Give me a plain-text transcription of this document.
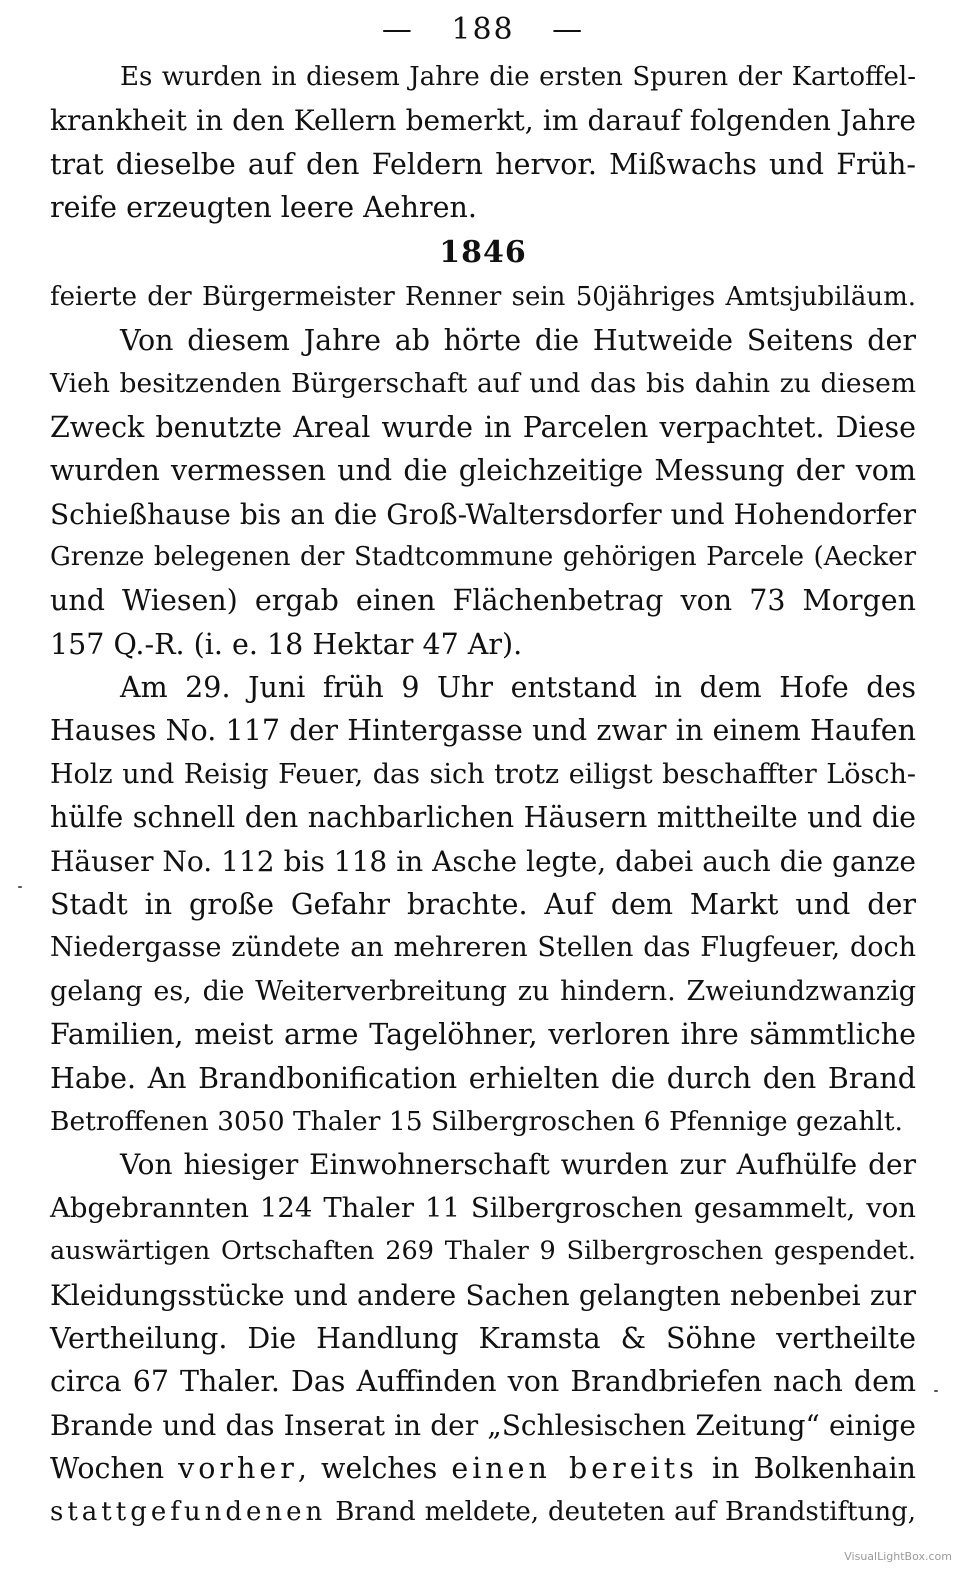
— 188 —
Es wurden in diesem Jahre die ersten Spuren der Kartoffel-
krankheit in den Kellern bemerkt, im darauf folgenden Jahre
trat dieselbe auf den Feldern hervor. Mißwachs und Früh-
reife erzeugten leere Aehren.
1846
feierte der Bürgermeister Renner sein 50jähriges Amtsjubiläum.
Von diesem Jahre ab hörte die Hutweide Seitens der
Vieh besitzenden Bürgerschaft auf und das bis dahin zu diesem
Zweck benutzte Areal wurde in Parcelen verpachtet. Diese
wurden vermessen und die gleichzeitige Messung der vom
Schießhause bis an die Groß-Waltersdorfer und Hohendorfer
Grenze belegenen der Stadtcommune gehörigen Parcele (Aecker
und Wiesen) ergab einen Flächenbetrag von 73 Morgen
157 Q.-R. (i. e. 18 Hektar 47 Ar).
Am 29. Juni früh 9 Uhr entstand in dem Hofe des
Hauses No. 117 der Hintergasse und zwar in einem Haufen
Holz und Reisig Feuer, das sich trotz eiligst beschaffter Lösch-
hülfe schnell den nachbarlichen Häusern mittheilte und die
Häuser No. 112 bis 118 in Asche legte, dabei auch die ganze
Stadt in große Gefahr brachte. Auf dem Markt und der
Niedergasse zündete an mehreren Stellen das Flugfeuer, doch
gelang es, die Weiterverbreitung zu hindern. Zweiundzwanzig
Familien, meist arme Tagelöhner, verloren ihre sämmtliche
Habe. An Brandbonification erhielten die durch den Brand
Betroffenen 3050 Thaler 15 Silbergroschen 6 Pfennige gezahlt.
Von hiesiger Einwohnerschaft wurden zur Aufhülfe der
Abgebrannten 124 Thaler 11 Silbergroschen gesammelt, von
auswärtigen Ortschaften 269 Thaler 9 Silbergroschen gespendet.
Kleidungsstücke und andere Sachen gelangten nebenbei zur
Vertheilung. Die Handlung Kramsta & Söhne vertheilte
circa 67 Thaler. Das Auffinden von Brandbriefen nach dem
Brande und das Inserat in der „Schlesischen Zeitung“ einige
Wochen vorher, welches einen bereits in Bolkenhain
stattgefundenen Brand meldete, deuteten auf Brandstiftung,
VisualLightBox.com
